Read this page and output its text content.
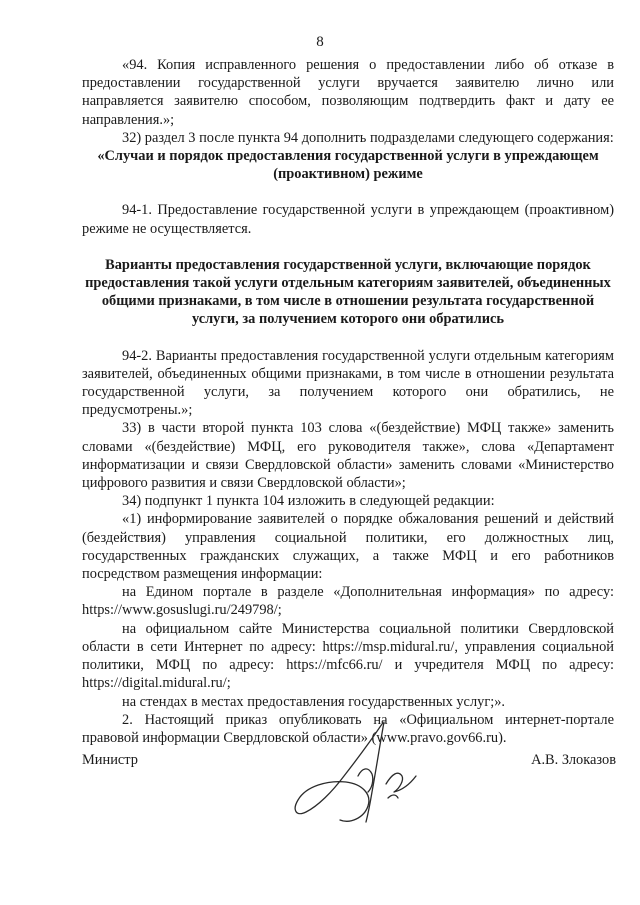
8

«94. Копия исправленного решения о предоставлении либо об отказе в предоставлении государственной услуги вручается заявителю лично или направляется заявителю способом, позволяющим подтвердить факт и дату ее направления.»;

32) раздел 3 после пункта 94 дополнить подразделами следующего содержания:

«Случаи и порядок предоставления государственной услуги в упреждающем (проактивном) режиме

94-1. Предоставление государственной услуги в упреждающем (проактивном) режиме не осуществляется.

Варианты предоставления государственной услуги, включающие порядок предоставления такой услуги отдельным категориям заявителей, объединенных общими признаками, в том числе в отношении результата государственной услуги, за получением которого они обратились

94-2. Варианты предоставления государственной услуги отдельным категориям заявителей, объединенных общими признаками, в том числе в отношении результата государственной услуги, за получением которого они обратились, не предусмотрены.»;

33) в части второй пункта 103 слова «(бездействие) МФЦ также» заменить словами «(бездействие) МФЦ, его руководителя также», слова «Департамент информатизации и связи Свердловской области» заменить словами «Министерство цифрового развития и связи Свердловской области»;

34) подпункт 1 пункта 104 изложить в следующей редакции:

«1) информирование заявителей о порядке обжалования решений и действий (бездействия) управления социальной политики, его должностных лиц, государственных гражданских служащих, а также МФЦ и его работников посредством размещения информации:

на Едином портале в разделе «Дополнительная информация» по адресу: https://www.gosuslugi.ru/249798/;

на официальном сайте Министерства социальной политики Свердловской области в сети Интернет по адресу: https://msp.midural.ru/, управления социальной политики, МФЦ по адресу: https://mfc66.ru/ и учредителя МФЦ по адресу: https://digital.midural.ru/;

на стендах в местах предоставления государственных услуг;».

2. Настоящий приказ опубликовать на «Официальном интернет-портале правовой информации Свердловской области» (www.pravo.gov66.ru).

Министр	А.В. Злоказов
